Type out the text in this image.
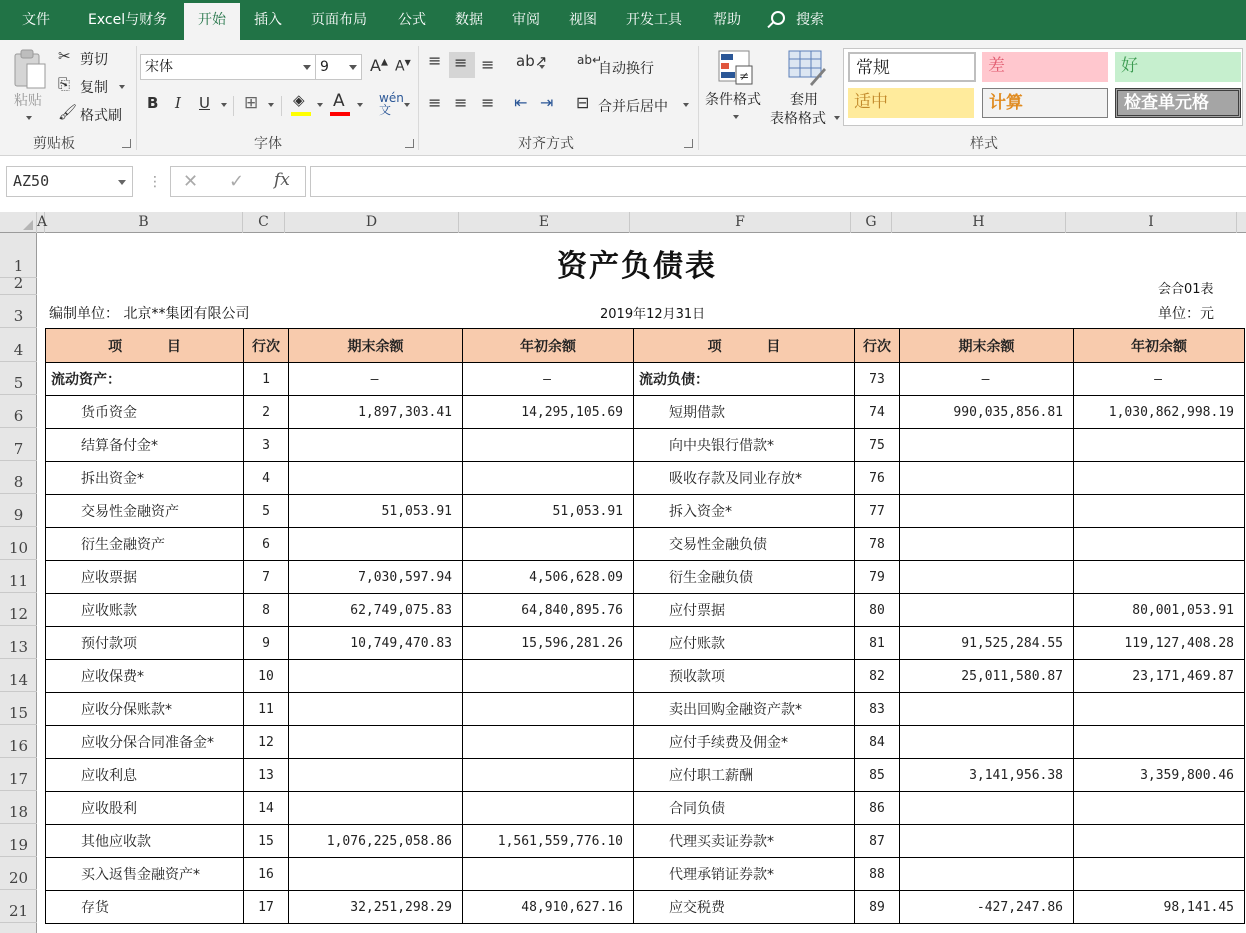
文件	Excel与财务	开始	插入 页面布局 公式 数据 审阅 视图 开发工具 帮助	搜索
粘贴
✂ 剪切
⎘ 复制
🖌 格式刷
剪贴板
宋体	9	A▲ A▼
B I U ⊞ ◈ A	wén
文
字体
≡ ≡ ≡ ab↗ ab↵
自动换行
≡ ≡ ≡ ⇤ ⇥ ⊟ 合并后居中
对齐方式
≠
条件格式 套用
表格格式
常规	差	好
适中	计算	检查单元格
样式
AZ50	⋮ ✕ ✓ fx
A	B	C	D	E	F	G	H	I
1
2
3
4
5
6
7
8
9
10
11
12
13
14
15
16
17
18
19
20
21
资产负债表
会合01表
编制单位： 北京**集团有限公司	2019年12月31日	单位：元
项 目	行次	期末余额	年初余额	项 目	行次	期末余额	年初余额
流动资产：	1	–	–	流动负债：	73	–	–
货币资金	2	1,897,303.41	14,295,105.69	短期借款	74	990,035,856.81	1,030,862,998.19
结算备付金*	3			向中央银行借款*	75		
拆出资金*	4			吸收存款及同业存放*	76		
交易性金融资产	5	51,053.91	51,053.91	拆入资金*	77		
衍生金融资产	6			交易性金融负债	78		
应收票据	7	7,030,597.94	4,506,628.09	衍生金融负债	79		
应收账款	8	62,749,075.83	64,840,895.76	应付票据	80		80,001,053.91
预付款项	9	10,749,470.83	15,596,281.26	应付账款	81	91,525,284.55	119,127,408.28
应收保费*	10			预收款项	82	25,011,580.87	23,171,469.87
应收分保账款*	11			卖出回购金融资产款*	83		
应收分保合同准备金*	12			应付手续费及佣金*	84		
应收利息	13			应付职工薪酬	85	3,141,956.38	3,359,800.46
应收股利	14			合同负债	86		
其他应收款	15	1,076,225,058.86	1,561,559,776.10	代理买卖证券款*	87		
买入返售金融资产*	16			代理承销证券款*	88		
存货	17	32,251,298.29	48,910,627.16	应交税费	89	-427,247.86	98,141.45
